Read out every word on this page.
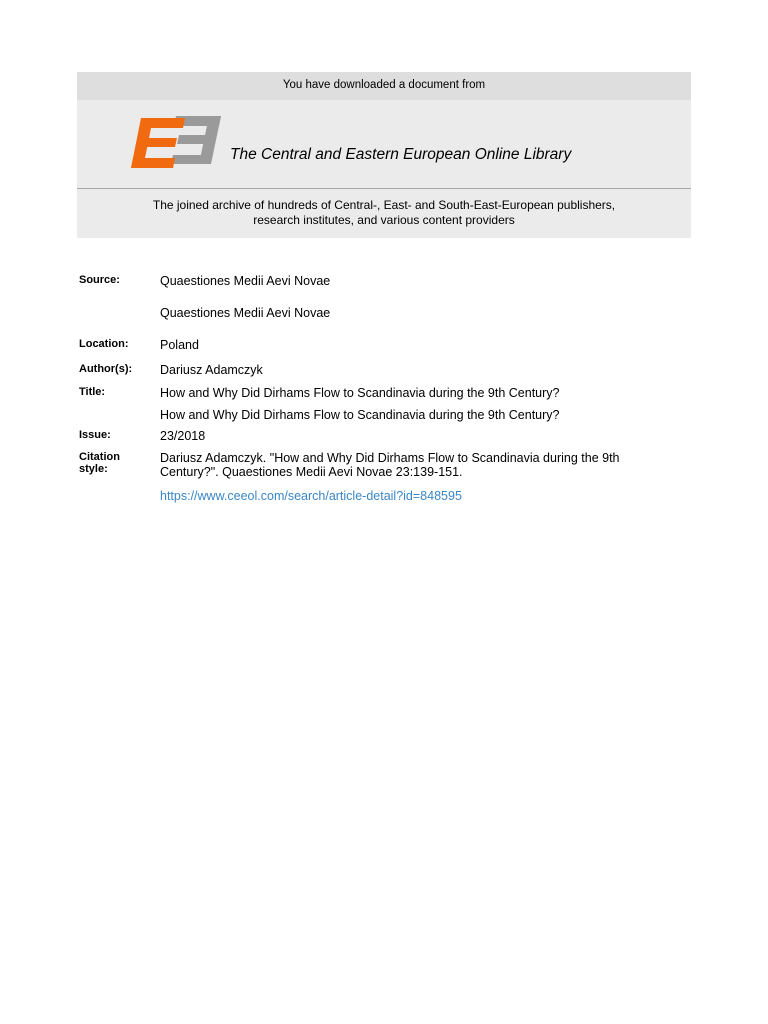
You have downloaded a document from
The Central and Eastern European Online Library
The joined archive of hundreds of Central-, East- and South-East-European publishers,
research institutes, and various content providers
Source:	Quaestiones Medii Aevi Novae
Quaestiones Medii Aevi Novae
Location:	Poland
Author(s):	Dariusz Adamczyk
Title:	How and Why Did Dirhams Flow to Scandinavia during the 9th Century?
How and Why Did Dirhams Flow to Scandinavia during the 9th Century?
Issue:	23/2018
Citation
style:
Dariusz Adamczyk. "How and Why Did Dirhams Flow to Scandinavia during the 9th Century?". Quaestiones Medii Aevi Novae 23:139-151.
https://www.ceeol.com/search/article-detail?id=848595
